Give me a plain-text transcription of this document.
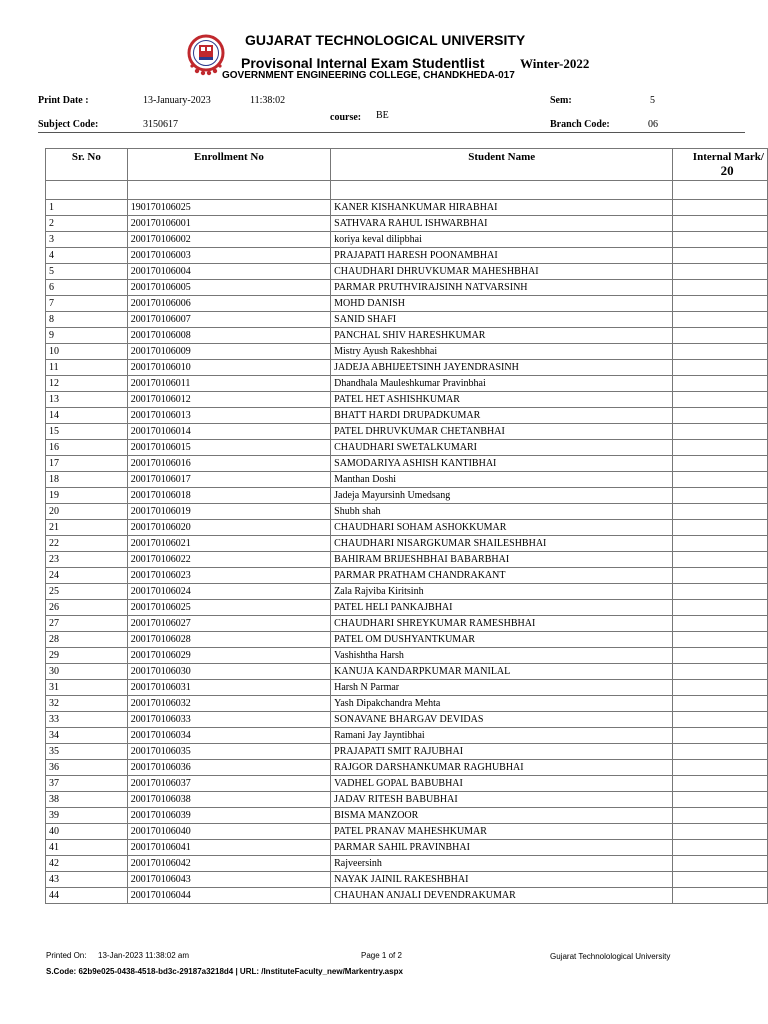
GUJARAT TECHNOLOGICAL UNIVERSITY
Provisonal Internal Exam Studentlist	Winter-2022
GOVERNMENT ENGINEERING COLLEGE, CHANDKHEDA-017
Print Date :	13-January-2023	11:38:02	Sem:	5
Subject Code:	3150617
course: BE
Branch Code:	06
Sr. No	Enrollment No	Student Name	Internal Mark/
20

1	190170106025	KANER KISHANKUMAR HIRABHAI	
2	200170106001	SATHVARA RAHUL ISHWARBHAI	
3	200170106002	koriya keval dilipbhai	
4	200170106003	PRAJAPATI HARESH POONAMBHAI	
5	200170106004	CHAUDHARI DHRUVKUMAR MAHESHBHAI	
6	200170106005	PARMAR PRUTHVIRAJSINH NATVARSINH	
7	200170106006	MOHD DANISH	
8	200170106007	SANID SHAFI	
9	200170106008	PANCHAL SHIV HARESHKUMAR	
10	200170106009	Mistry Ayush Rakeshbhai	
11	200170106010	JADEJA ABHIJEETSINH JAYENDRASINH	
12	200170106011	Dhandhala Mauleshkumar Pravinbhai	
13	200170106012	PATEL HET ASHISHKUMAR	
14	200170106013	BHATT HARDI DRUPADKUMAR	
15	200170106014	PATEL DHRUVKUMAR CHETANBHAI	
16	200170106015	CHAUDHARI SWETALKUMARI	
17	200170106016	SAMODARIYA ASHISH KANTIBHAI	
18	200170106017	Manthan Doshi	
19	200170106018	Jadeja Mayursinh Umedsang	
20	200170106019	Shubh shah	
21	200170106020	CHAUDHARI SOHAM ASHOKKUMAR	
22	200170106021	CHAUDHARI NISARGKUMAR SHAILESHBHAI	
23	200170106022	BAHIRAM BRIJESHBHAI BABARBHAI	
24	200170106023	PARMAR PRATHAM CHANDRAKANT	
25	200170106024	Zala Rajviba Kiritsinh	
26	200170106025	PATEL HELI PANKAJBHAI	
27	200170106027	CHAUDHARI SHREYKUMAR RAMESHBHAI	
28	200170106028	PATEL OM DUSHYANTKUMAR	
29	200170106029	Vashishtha Harsh	
30	200170106030	KANUJA KANDARPKUMAR MANILAL	
31	200170106031	Harsh N Parmar	
32	200170106032	Yash Dipakchandra Mehta	
33	200170106033	SONAVANE BHARGAV DEVIDAS	
34	200170106034	Ramani Jay Jayntibhai	
35	200170106035	PRAJAPATI SMIT RAJUBHAI	
36	200170106036	RAJGOR DARSHANKUMAR RAGHUBHAI	
37	200170106037	VADHEL GOPAL BABUBHAI	
38	200170106038	JADAV RITESH BABUBHAI	
39	200170106039	BISMA MANZOOR	
40	200170106040	PATEL PRANAV MAHESHKUMAR	
41	200170106041	PARMAR SAHIL PRAVINBHAI	
42	200170106042	Rajveersinh	
43	200170106043	NAYAK JAINIL RAKESHBHAI	
44	200170106044	CHAUHAN ANJALI DEVENDRAKUMAR	
Printed On: 13-Jan-2023 11:38:02 am	Page 1 of 2	Gujarat Technolological University
S.Code: 62b9e025-0438-4518-bd3c-29187a3218d4 | URL: /InstituteFaculty_new/Markentry.aspx
